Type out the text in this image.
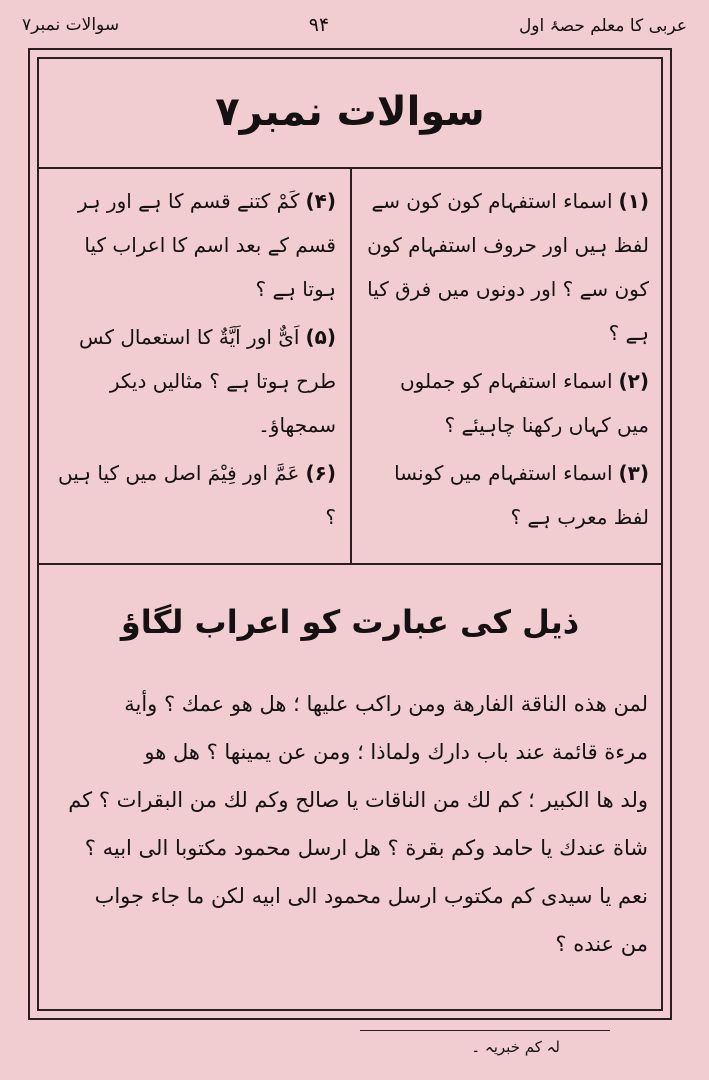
عربی کا معلم حصۂ اول
۹۴
سوالات نمبر۷
سوالات نمبر۷

(۱)اسماء استفہام کون کون سے لفظ ہیں اور حروف استفہام کون کون سے ؟ اور دونوں میں فرق کیا ہے ؟

(۲)اسماء استفہام کو جملوں میں کہاں رکھنا چاہیئے ؟

(۳)اسماء استفہام میں کونسا لفظ معرب ہے ؟

(۴)کَمْ کتنے قسم کا ہے اور ہر قسم کے بعد اسم کا اعراب کیا ہوتا ہے ؟

(۵)اَیٌّ اور اَیَّةٌ کا استعمال کس طرح ہوتا ہے ؟ مثالیں دیکر سمجھاؤ۔

(۶)عَمَّ اور فِیْمَ اصل میں کیا ہیں ؟

ذیل کی عبارت کو اعراب لگاؤ

لمن هذه الناقة الفارهة ومن راكب عليها ؛ هل هو عمك ؟ وأية

مرءة قائمة عند باب دارك ولماذا ؛ ومن عن يمينها ؟ هل هو

ولد ها الكبير ؛ كم لك من الناقات يا صالح وكم لك من البقرات ؟ كم

شاة عندك يا حامد وكم بقرة ؟ هل ارسل محمود مكتوبا الى ابيه ؟

نعم يا سيدى كم مكتوب ارسل محمود الى ابيه لكن ما جاء جواب

من عنده ؟

لہ کم خبریہ ۔
